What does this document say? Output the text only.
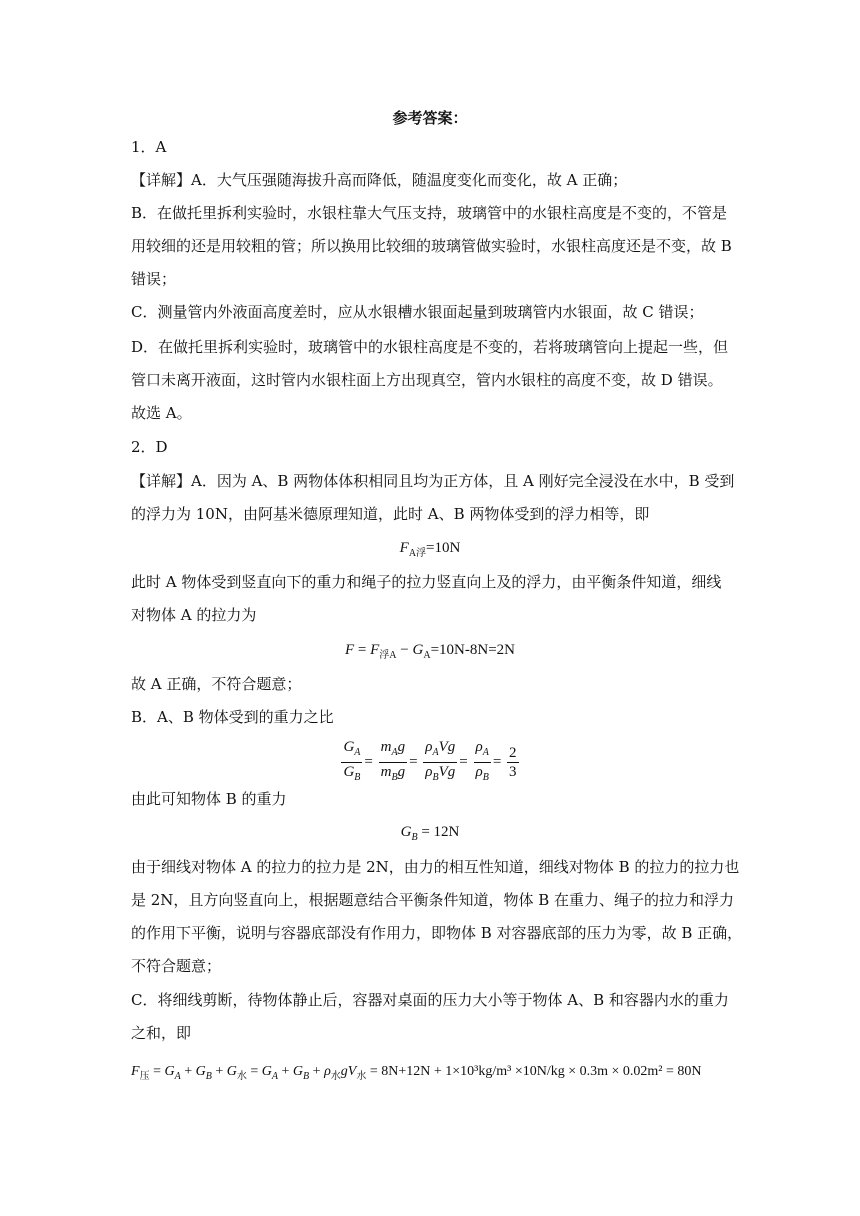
参考答案：
1．A
【详解】A．大气压强随海拔升高而降低，随温度变化而变化，故 A 正确；
B．在做托里拆利实验时，水银柱靠大气压支持，玻璃管中的水银柱高度是不变的，不管是
用较细的还是用较粗的管；所以换用比较细的玻璃管做实验时，水银柱高度还是不变，故 B
错误；
C．测量管内外液面高度差时，应从水银槽水银面起量到玻璃管内水银面，故 C 错误；
D．在做托里拆利实验时，玻璃管中的水银柱高度是不变的，若将玻璃管向上提起一些，但
管口未离开液面，这时管内水银柱面上方出现真空，管内水银柱的高度不变，故 D 错误。
故选 A。
2．D
【详解】A．因为 A、B 两物体体积相同且均为正方体，且 A 刚好完全浸没在水中，B 受到
的浮力为 10N，由阿基米德原理知道，此时 A、B 两物体受到的浮力相等，即
$F_{A浮}=10N$
此时 A 物体受到竖直向下的重力和绳子的拉力竖直向上及的浮力，由平衡条件知道，细线
对物体 A 的拉力为
$F = F_{浮A} - G_A=10N-8N=2N$
故 A 正确，不符合题意；
B．A、B 物体受到的重力之比
$\frac{G_A}{G_B} = \frac{m_Ag}{m_Bg} = \frac{\rho_AVg}{\rho_BVg} = \frac{\rho_A}{\rho_B} = \frac{2}{3}$
由此可知物体 B 的重力
$G_B = 12N$
由于细线对物体 A 的拉力的拉力是 2N，由力的相互性知道，细线对物体 B 的拉力的拉力也
是 2N，且方向竖直向上，根据题意结合平衡条件知道，物体 B 在重力、绳子的拉力和浮力
的作用下平衡，说明与容器底部没有作用力，即物体 B 对容器底部的压力为零，故 B 正确，
不符合题意；
C．将细线剪断，待物体静止后，容器对桌面的压力大小等于物体 A、B 和容器内水的重力
之和，即
$F_压 = G_A + G_B + G_水 = G_A + G_B + \rho_水gV_水 = 8N+12N + 1\times 10^3kg/m^3 \times 10N/kg \times 0.3m \times 0.02m^2 = 80N$
